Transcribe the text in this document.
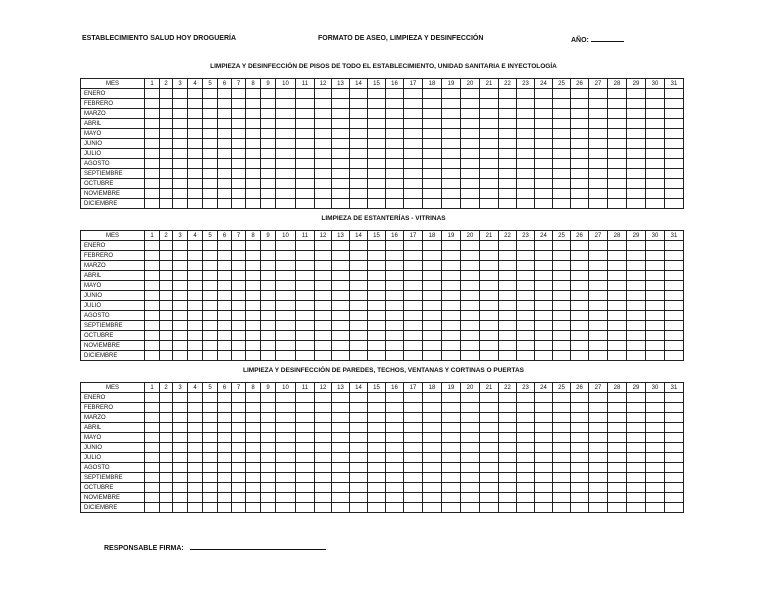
ESTABLECIMIENTO SALUD HOY DROGUERÍA	FORMATO DE ASEO, LIMPIEZA Y DESINFECCIÓN	AÑO:
LIMPIEZA Y DESINFECCIÓN DE PISOS DE TODO EL ESTABLECIMIENTO, UNIDAD SANITARIA E INYECTOLOGÍA
MES	1	2	3	4	5	6	7	8	9	10	11	12	13	14	15	16	17	18	19	20	21	22	23	24	25	26	27	28	29	30	31
ENERO																															
FEBRERO																															
MARZO																															
ABRIL																															
MAYO																															
JUNIO																															
JULIO																															
AGOSTO																															
SEPTIEMBRE																															
OCTUBRE																															
NOVIEMBRE																															
DICIEMBRE																															
LIMPIEZA DE ESTANTERÍAS - VITRINAS
MES	1	2	3	4	5	6	7	8	9	10	11	12	13	14	15	16	17	18	19	20	21	22	23	24	25	26	27	28	29	30	31
ENERO																															
FEBRERO																															
MARZO																															
ABRIL																															
MAYO																															
JUNIO																															
JULIO																															
AGOSTO																															
SEPTIEMBRE																															
OCTUBRE																															
NOVIEMBRE																															
DICIEMBRE																															
LIMPIEZA Y DESINFECCIÓN DE PAREDES, TECHOS, VENTANAS Y CORTINAS O PUERTAS
MES	1	2	3	4	5	6	7	8	9	10	11	12	13	14	15	16	17	18	19	20	21	22	23	24	25	26	27	28	29	30	31
ENERO																															
FEBRERO																															
MARZO																															
ABRIL																															
MAYO																															
JUNIO																															
JULIO																															
AGOSTO																															
SEPTIEMBRE																															
OCTUBRE																															
NOVIEMBRE																															
DICIEMBRE																															
RESPONSABLE FIRMA:
